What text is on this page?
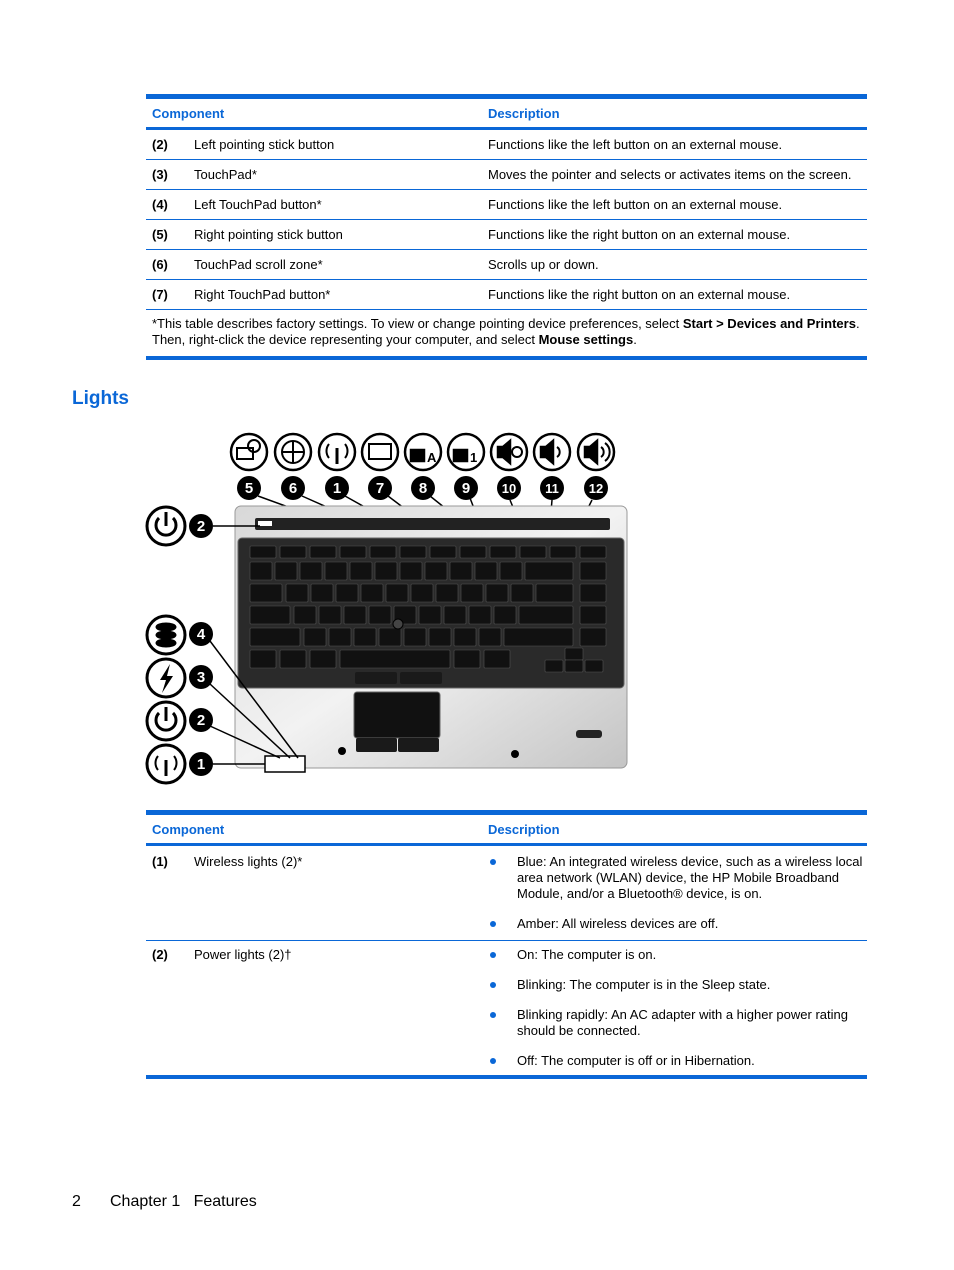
Component	Description
(2)	Left pointing stick button	Functions like the left button on an external mouse.
(3)	TouchPad*	Moves the pointer and selects or activates items on the screen.
(4)	Left TouchPad button*	Functions like the left button on an external mouse.
(5)	Right pointing stick button	Functions like the right button on an external mouse.
(6)	TouchPad scroll zone*	Scrolls up or down.
(7)	Right TouchPad button*	Functions like the right button on an external mouse.
*This table describes factory settings. To view or change pointing device preferences, select Start > Devices and Printers. Then, right-click the device representing your computer, and select Mouse settings.
Lights
A	1
5 6 1 7 8 9 10 11 12
2
4
3
2
1
Component	Description
(1)	Wireless lights (2)*	Blue: An integrated wireless device, such as a wireless local area network (WLAN) device, the HP Mobile Broadband Module, and/or a Bluetooth® device, is on.
Amber: All wireless devices are off.
(2)	Power lights (2)†	On: The computer is on.
Blinking: The computer is in the Sleep state.
Blinking rapidly: An AC adapter with a higher power rating should be connected.
Off: The computer is off or in Hibernation.
2 Chapter 1   Features
